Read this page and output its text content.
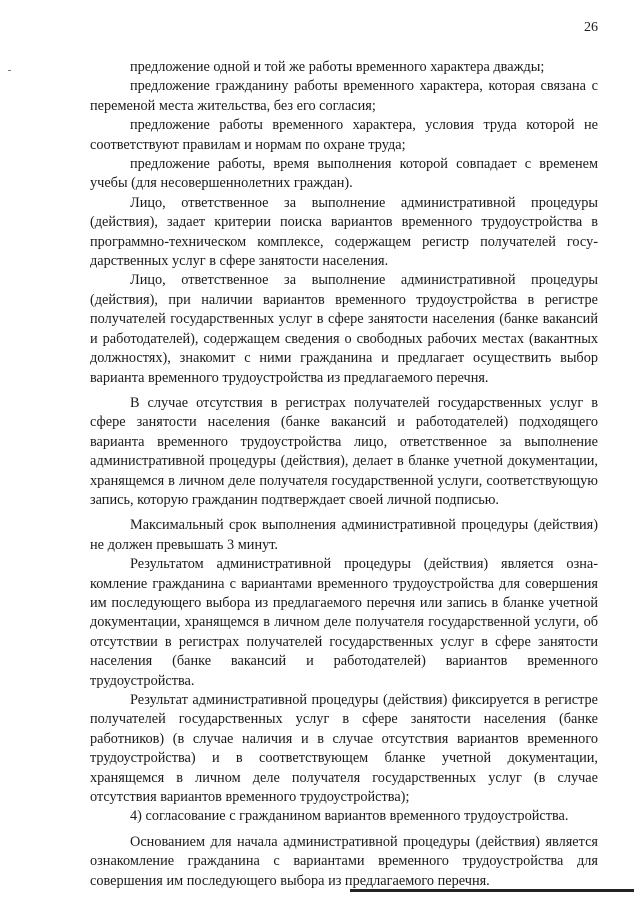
26

предложение одной и той же работы временного характера дважды;

предложение гражданину работы временного характера, которая связана с переменой места жительства, без его согласия;

предложение работы временного характера, условия труда которой не соответствуют правилам и нормам по охране труда;

предложение работы, время выполнения которой совпадает с временем учебы (для несовершеннолетних граждан).

Лицо, ответственное за выполнение административной процедуры (действия), задает критерии поиска вариантов временного трудоустройства в программно-техническом комплексе, содержащем регистр получателей государственных услуг в сфере занятости населения.

Лицо, ответственное за выполнение административной процедуры (действия), при наличии вариантов временного трудоустройства в регистре получателей государственных услуг в сфере занятости населения (банке вакансий и работодателей), содержащем сведения о свободных рабочих местах (вакантных должностях), знакомит с ними гражданина и предлагает осуществить выбор варианта временного трудоустройства из предлагаемого перечня.

В случае отсутствия в регистрах получателей государственных услуг в сфере занятости населения (банке вакансий и работодателей) подходящего варианта временного трудоустройства лицо, ответственное за выполнение административной процедуры (действия), делает в бланке учетной документации, хранящемся в личном деле получателя государственной услуги, соответствующую запись, которую гражданин подтверждает своей личной подписью.

Максимальный срок выполнения административной процедуры (действия) не должен превышать 3 минут.

Результатом административной процедуры (действия) является ознакомление гражданина с вариантами временного трудоустройства для совершения им последующего выбора из предлагаемого перечня или запись в бланке учетной документации, хранящемся в личном деле получателя государственной услуги, об отсутствии в регистрах получателей государственных услуг в сфере занятости населения (банке вакансий и работодателей) вариантов временного трудоустройства.

Результат административной процедуры (действия) фиксируется в регистре получателей государственных услуг в сфере занятости населения (банке работников) (в случае наличия и в случае отсутствия вариантов временного трудоустройства) и в соответствующем бланке учетной документации, хранящемся в личном деле получателя государственных услуг (в случае отсутствия вариантов временного трудоустройства);

4) согласование с гражданином вариантов временного трудоустройства.

Основанием для начала административной процедуры (действия) является ознакомление гражданина с вариантами временного трудоустройства для совершения им последующего выбора из предлагаемого перечня.
